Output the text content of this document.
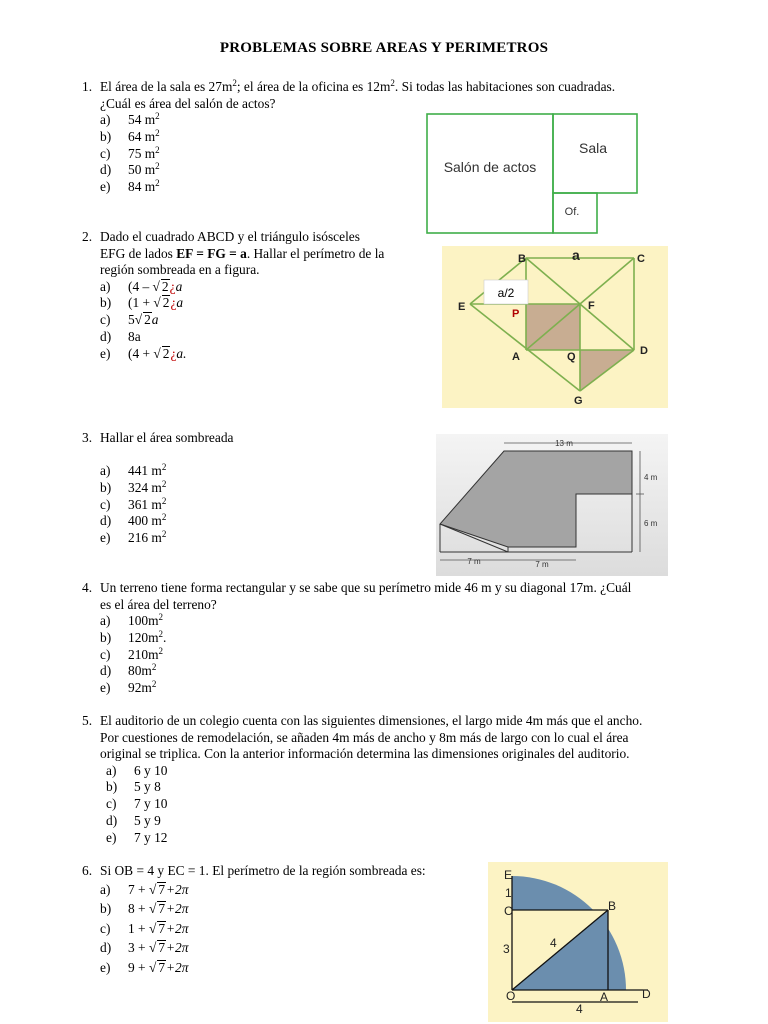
PROBLEMAS SOBRE AREAS Y PERIMETROS
1. El área de la sala es $27m^2$; el área de la oficina es $12m^2$. Si todas las habitaciones son cuadradas.
¿Cuál es área del salón de actos?
a) 54 $m^2$
b) 64 $m^2$
c) 75 $m^2$
d) 50 $m^2$
e) 84 $m^2$
Salón de actos
Sala
Of.
2. Dado el cuadrado ABCD y el triángulo isósceles
EFG de lados EF = FG = a. Hallar el perímetro de la
región sombreada en a figura.
a) (4 – √ 2¿a
b) (1 + √ 2¿a
c) 5√ 2a
d) 8a
e) (4 + √ 2¿a.
a/2
B	a	C
E	F
P
A	Q	D
G
3. Hallar el área sombreada

a) 441 $m^2$
b) 324 $m^2$
c) 361 $m^2$
d) 400 $m^2$
e) 216 $m^2$
13 m
4 m
6 m
7 m	7 m
4. Un terreno tiene forma rectangular y se sabe que su perímetro mide 46 m y su diagonal 17m. ¿Cuál
es el área del terreno?
a) $100m^2$
b) $120m^2$.
c) $210m^2$
d) $80m^2$
e) $92m^2$
5. El auditorio de un colegio cuenta con las siguientes dimensiones, el largo mide 4m más que el ancho.
Por cuestiones de remodelación, se añaden 4m más de ancho y 8m más de largo con lo cual el área
original se triplica. Con la anterior información determina las dimensiones originales del auditorio.
a) 6 y 10
b) 5 y 8
c) 7 y 10
d) 5 y 9
e) 7 y 12
6. Si OB = 4 y EC = 1. El perímetro de la región sombreada es:
a) 7 + √ 7+2π
b) 8 + √ 7+2π
c) 1 + √ 7+2π
d) 3 + √ 7+2π
e) 9 + √ 7+2π
E
1
C
3	4
B
O	A	D
4
